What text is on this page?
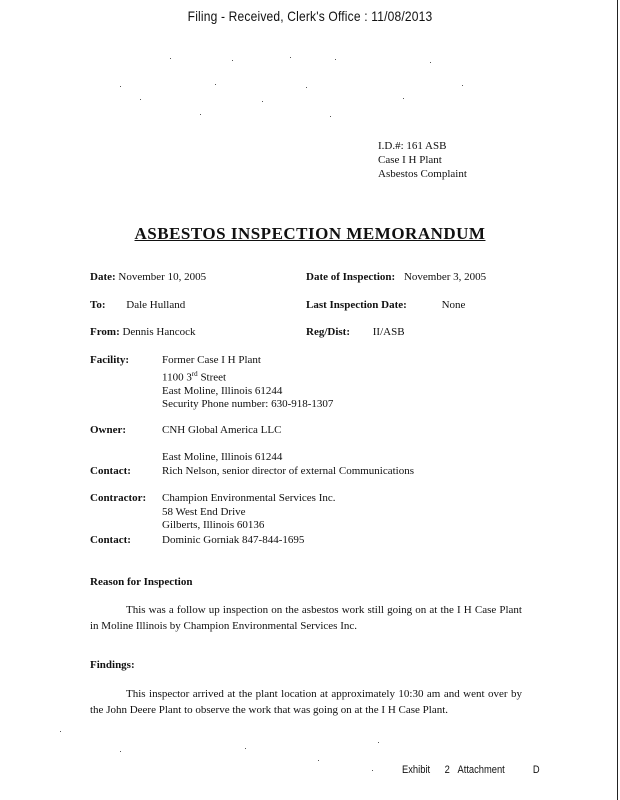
Filing - Received, Clerk's Office : 11/08/2013
I.D.#: 161 ASB
Case I H Plant
Asbestos Complaint
ASBESTOS INSPECTION MEMORANDUM
Date: November 10, 2005	Date of Inspection: November 3, 2005
To: Dale Hulland	Last Inspection Date:	None
From: Dennis Hancock	Reg/Dist: II/ASB
Facility:	Former Case I H Plant
1100 3rd Street
East Moline, Illinois 61244
Security Phone number: 630-918-1307
Owner:	CNH Global America LLC
East Moline, Illinois 61244
Contact:	Rich Nelson, senior director of external Communications
Contractor: Champion Environmental Services Inc.
58 West End Drive
Gilberts, Illinois 60136
Contact:	Dominic Gorniak 847-844-1695
Reason for Inspection
This was a follow up inspection on the asbestos work still going on at the I H Case Plant in Moline Illinois by Champion Environmental Services Inc.
Findings:
This inspector arrived at the plant location at approximately 10:30 am and went over by the John Deere Plant to observe the work that was going on at the I H Case Plant.
Exhibit 2 Attachment	D
